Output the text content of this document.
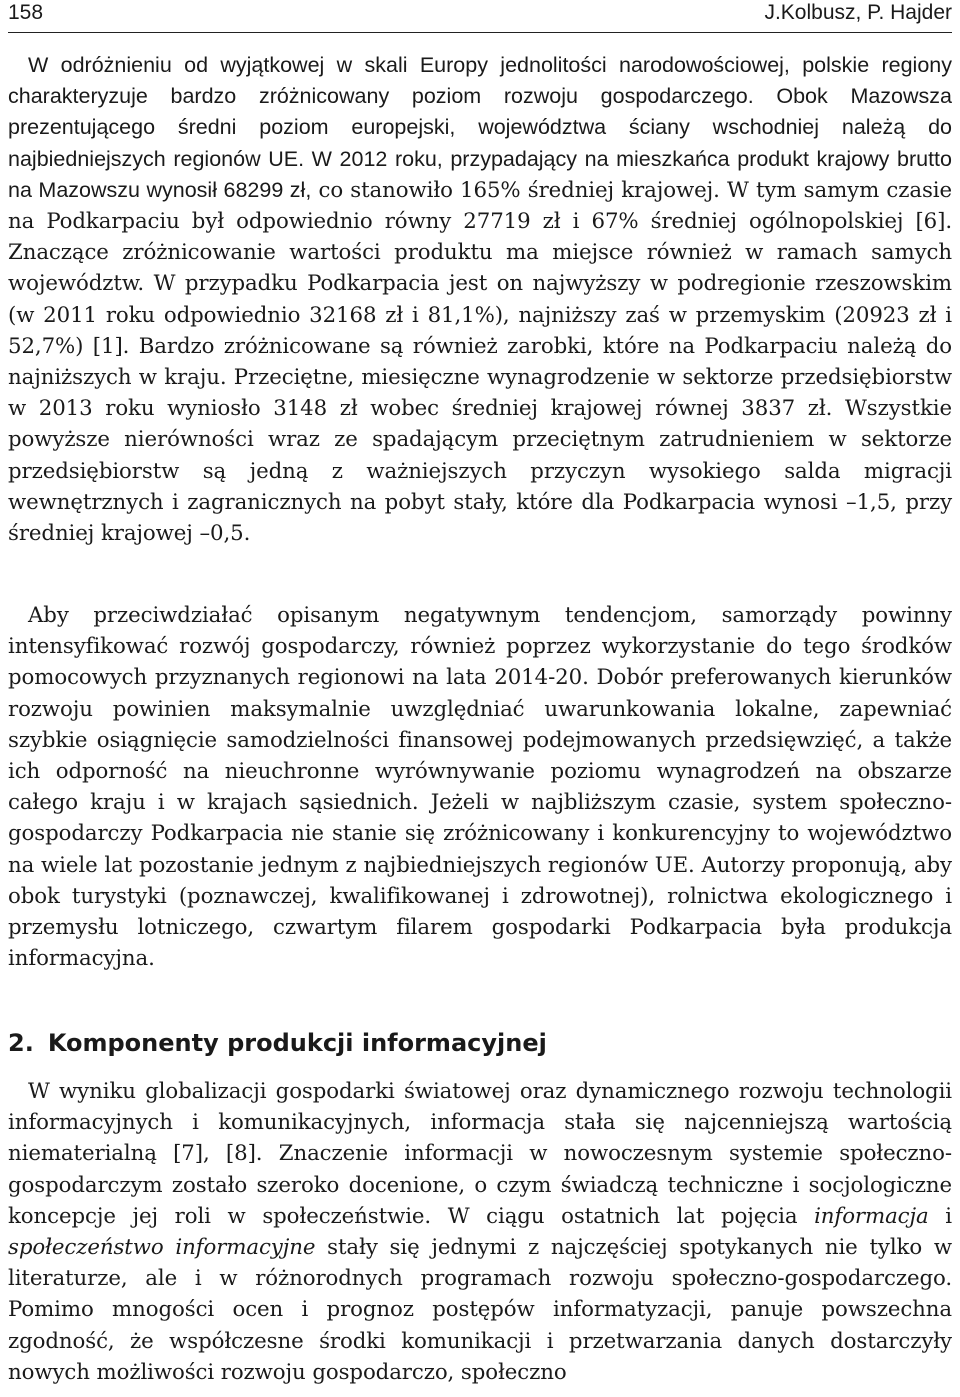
158	J.Kolbusz, P. Hajder

W odróżnieniu od wyjątkowej w skali Europy jednolitości narodowościowej, polskie regiony charakteryzuje bardzo zróżnicowany poziom rozwoju gospodarczego. Obok Mazowsza prezentującego średni poziom europejski, województwa ściany wschodniej należą do najbiedniejszych regionów UE. W 2012 roku, przypadający na mieszkańca produkt krajowy brutto na Mazowszu wynosił 68299 zł, co stanowiło 165% średniej krajowej. W tym samym czasie na Podkarpaciu był odpowiednio równy 27719 zł i 67% średniej ogólnopolskiej [6]. Znaczące zróżnicowanie wartości produktu ma miejsce również w ramach samych województw. W przypadku Podkarpacia jest on najwyższy w podregionie rzeszowskim (w 2011 roku odpowiednio 32168 zł i 81,1%), najniższy zaś w przemyskim (20923 zł i 52,7%) [1]. Bardzo zróżnicowane są również zarobki, które na Podkarpaciu należą do najniższych w kraju. Przeciętne, miesięczne wynagrodzenie w sektorze przedsiębiorstw w 2013 roku wyniosło 3148 zł wobec średniej krajowej równej 3837 zł. Wszystkie powyższe nierówności wraz ze spadającym przeciętnym zatrudnieniem w sektorze przedsiębiorstw są jedną z ważniejszych przyczyn wysokiego salda migracji wewnętrznych i zagranicznych na pobyt stały, które dla Podkarpacia wynosi –1,5, przy średniej krajowej –0,5.

Aby przeciwdziałać opisanym negatywnym tendencjom, samorządy powinny intensyfikować rozwój gospodarczy, również poprzez wykorzystanie do tego środków pomocowych przyznanych regionowi na lata 2014-20. Dobór preferowanych kierunków rozwoju powinien maksymalnie uwzględniać uwarunkowania lokalne, zapewniać szybkie osiągnięcie samodzielności finansowej podejmowanych przedsięwzięć, a także ich odporność na nieuchronne wyrównywanie poziomu wynagrodzeń na obszarze całego kraju i w krajach sąsiednich. Jeżeli w najbliższym czasie, system społeczno-gospodarczy Podkarpacia nie stanie się zróżnicowany i konkurencyjny to województwo na wiele lat pozostanie jednym z najbiedniejszych regionów UE. Autorzy proponują, aby obok turystyki (poznawczej, kwalifikowanej i zdrowotnej), rolnictwa ekologicznego i przemysłu lotniczego, czwartym filarem gospodarki Podkarpacia była produkcja informacyjna.

2. Komponenty produkcji informacyjnej

W wyniku globalizacji gospodarki światowej oraz dynamicznego rozwoju technologii informacyjnych i komunikacyjnych, informacja stała się najcenniejszą wartością niematerialną [7], [8]. Znaczenie informacji w nowoczesnym systemie społeczno-gospodarczym zostało szeroko docenione, o czym świadczą techniczne i socjologiczne koncepcje jej roli w społeczeństwie. W ciągu ostatnich lat pojęcia informacja i społeczeństwo informacyjne stały się jednymi z najczęściej spotykanych nie tylko w literaturze, ale i w różnorodnych programach rozwoju społeczno-gospodarczego. Pomimo mnogości ocen i prognoz postępów informatyzacji, panuje powszechna zgodność, że współczesne środki komunikacji i przetwarzania danych dostarczyły nowych możliwości rozwoju gospodarczo, społeczno
